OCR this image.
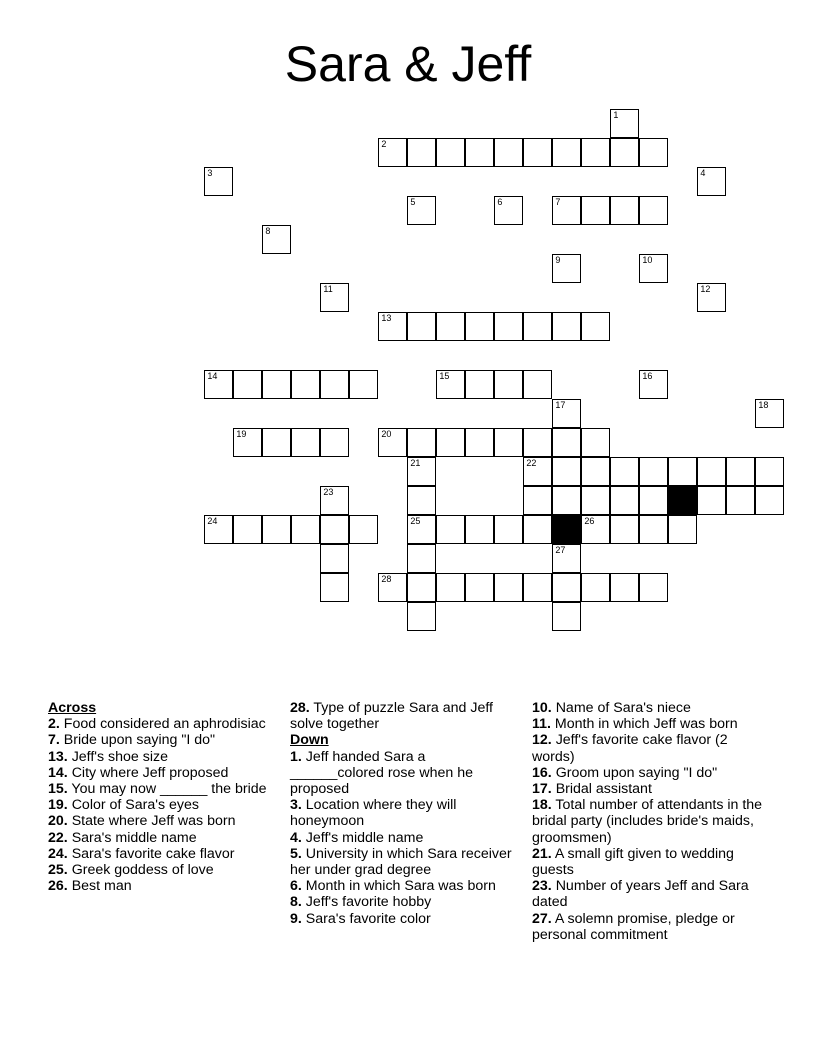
Sara & Jeff
1
2
3	4
5	6	7
8
9	10
11	12
13
14	15	16
17	18
19	20
21	22
23
24	25	26
27
28
Across
2. Food considered an aphrodisiac
7. Bride upon saying "I do"
13. Jeff's shoe size
14. City where Jeff proposed
15. You may now ______ the bride
19. Color of Sara's eyes
20. State where Jeff was born
22. Sara's middle name
24. Sara's favorite cake flavor
25. Greek goddess of love
26. Best man
28. Type of puzzle Sara and Jeff solve together
Down
1. Jeff handed Sara a ______colored rose when he proposed
3. Location where they will honeymoon
4. Jeff's middle name
5. University in which Sara receiver her under grad degree
6. Month in which Sara was born
8. Jeff's favorite hobby
9. Sara's favorite color
10. Name of Sara's niece
11. Month in which Jeff was born
12. Jeff's favorite cake flavor (2 words)
16. Groom upon saying "I do"
17. Bridal assistant
18. Total number of attendants in the bridal party (includes bride's maids, groomsmen)
21. A small gift given to wedding guests
23. Number of years Jeff and Sara dated
27. A solemn promise, pledge or personal commitment
